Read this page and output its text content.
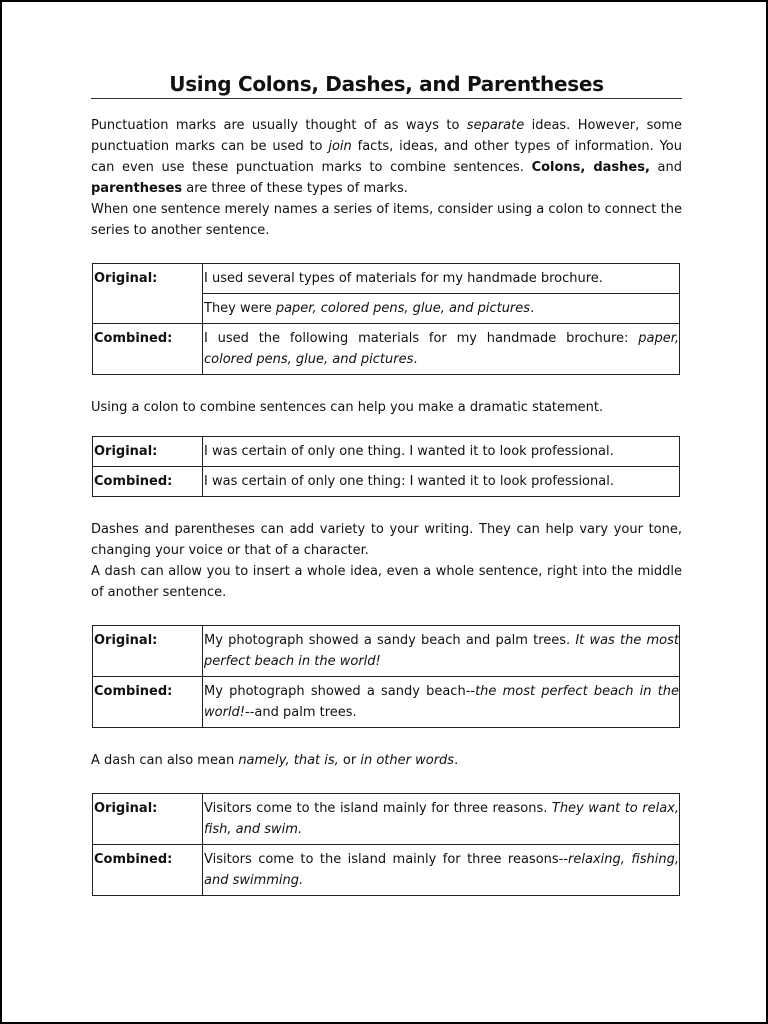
Using Colons, Dashes, and Parentheses

Punctuation marks are usually thought of as ways to separate ideas. However, some punctuation marks can be used to join facts, ideas, and other types of information. You can even use these punctuation marks to combine sentences. Colons, dashes, and parentheses are three of these types of marks.

When one sentence merely names a series of items, consider using a colon to connect the series to another sentence.

Original:	I used several types of materials for my handmade brochure.
	They were paper, colored pens, glue, and pictures.
Combined:	I used the following materials for my handmade brochure: paper, colored pens, glue, and pictures.

Using a colon to combine sentences can help you make a dramatic statement.

Original:	I was certain of only one thing. I wanted it to look professional.
Combined:	I was certain of only one thing: I wanted it to look professional.

Dashes and parentheses can add variety to your writing. They can help vary your tone, changing your voice or that of a character.

A dash can allow you to insert a whole idea, even a whole sentence, right into the middle of another sentence.

Original:	My photograph showed a sandy beach and palm trees. It was the most perfect beach in the world!
Combined:	My photograph showed a sandy beach--the most perfect beach in the world!--and palm trees.

A dash can also mean namely, that is, or in other words.

Original:	Visitors come to the island mainly for three reasons. They want to relax, fish, and swim.
Combined:	Visitors come to the island mainly for three reasons--relaxing, fishing, and swimming.
